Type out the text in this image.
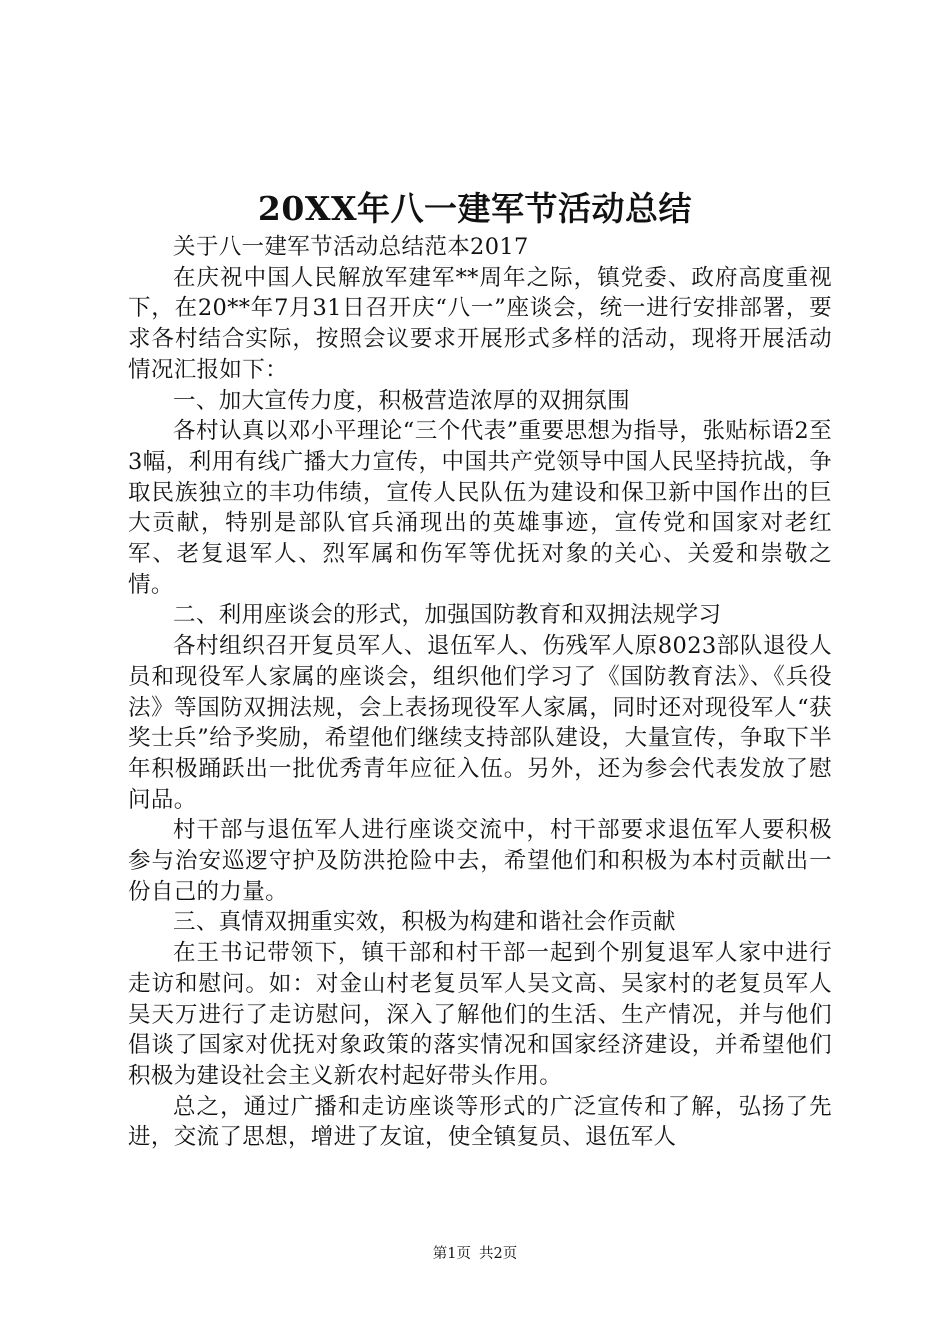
20XX年八一建军节活动总结

关于八一建军节活动总结范本2017

在庆祝中国人民解放军建军**周年之际，镇党委、政府高度重视下，在20**年7月31日召开庆“八一”座谈会，统一进行安排部署，要求各村结合实际，按照会议要求开展形式多样的活动，现将开展活动情况汇报如下：

一、加大宣传力度，积极营造浓厚的双拥氛围

各村认真以邓小平理论“三个代表”重要思想为指导，张贴标语2至3幅，利用有线广播大力宣传，中国共产党领导中国人民坚持抗战，争取民族独立的丰功伟绩，宣传人民队伍为建设和保卫新中国作出的巨大贡献，特别是部队官兵涌现出的英雄事迹，宣传党和国家对老红军、老复退军人、烈军属和伤军等优抚对象的关心、关爱和崇敬之情。

二、利用座谈会的形式，加强国防教育和双拥法规学习

各村组织召开复员军人、退伍军人、伤残军人原8023部队退役人员和现役军人家属的座谈会，组织他们学习了《国防教育法》、《兵役法》等国防双拥法规，会上表扬现役军人家属，同时还对现役军人“获奖士兵”给予奖励，希望他们继续支持部队建设，大量宣传，争取下半年积极踊跃出一批优秀青年应征入伍。另外，还为参会代表发放了慰问品。

村干部与退伍军人进行座谈交流中，村干部要求退伍军人要积极参与治安巡逻守护及防洪抢险中去，希望他们和积极为本村贡献出一份自己的力量。

三、真情双拥重实效，积极为构建和谐社会作贡献

在王书记带领下，镇干部和村干部一起到个别复退军人家中进行走访和慰问。如：对金山村老复员军人吴文高、吴家村的老复员军人吴天万进行了走访慰问，深入了解他们的生活、生产情况，并与他们倡谈了国家对优抚对象政策的落实情况和国家经济建设，并希望他们积极为建设社会主义新农村起好带头作用。

总之，通过广播和走访座谈等形式的广泛宣传和了解，弘扬了先进，交流了思想，增进了友谊，使全镇复员、退伍军人

第1页 共2页
